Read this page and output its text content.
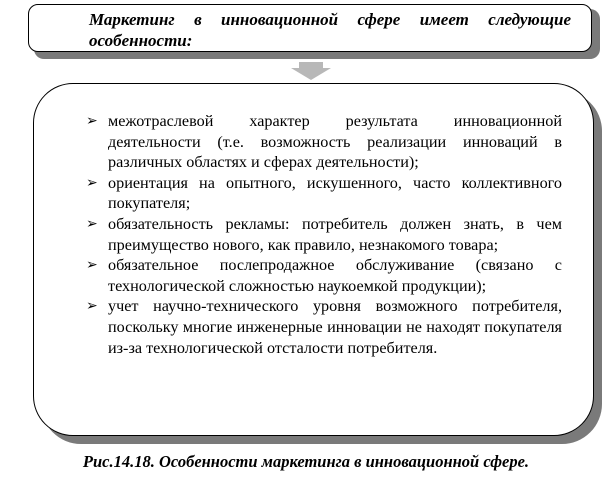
Маркетинг в инновационной сфере имеет следующие особенности:
➢ межотраслевой характер результата инновационной деятельности (т.е. возможность реализации инноваций в различных областях и сферах деятельности);
➢ ориентация на опытного, искушенного, часто коллективного покупателя;
➢ обязательность рекламы: потребитель должен знать, в чем преимущество нового, как правило, незнакомого товара;
➢ обязательное послепродажное обслуживание (связано с технологической сложностью наукоемкой продукции);
➢ учет научно-технического уровня возможного потребителя, поскольку многие инженерные инновации не находят покупателя из-за технологической отсталости потребителя.
Рис.14.18. Особенности маркетинга в инновационной сфере.
